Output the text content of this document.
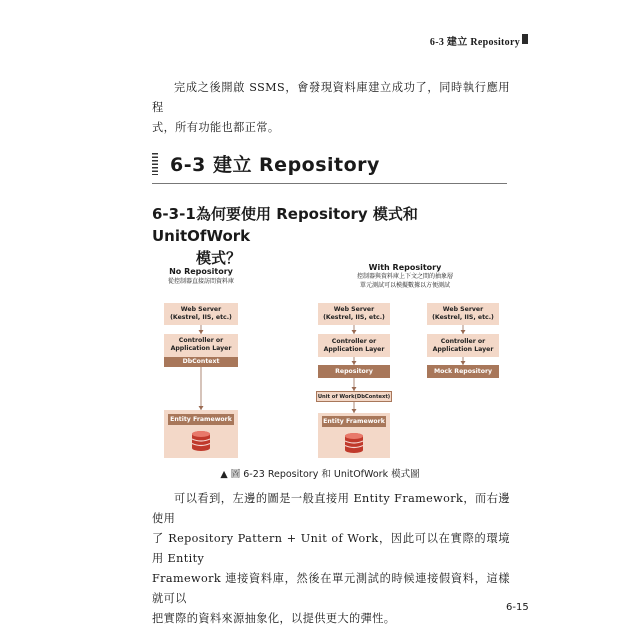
6-3 建立 Repository

完成之後開啟 SSMS，會發現資料庫建立成功了，同時執行應用程

式，所有功能也都正常。
6-3 建立 Repository
6-3-1為何要使用 Repository 模式和 UnitOfWork
模式？
No Repository
從控制器直接訪問資料庫
Web Server
(Kestrel, IIS, etc.)
Controller or
Application Layer
DbContext
Entity Framework
With Repository
控制器與資料庫上下文之間的抽象層
單元測試可以模擬數據以方便測試
Web Server
(Kestrel, IIS, etc.)
Controller or
Application Layer
Repository
Unit of Work(DbContext)
Entity Framework
Web Server
(Kestrel, IIS, etc.)
Controller or
Application Layer
Mock Repository
▲ 圖 6-23 Repository 和 UnitOfWork 模式圖

可以看到，左邊的圖是一般直接用 Entity Framework，而右邊使用

了 Repository Pattern + Unit of Work，因此可以在實際的環境用 Entity
Framework 連接資料庫，然後在單元測試的時候連接假資料，這樣就可以
把實際的資料來源抽象化，以提供更大的彈性。
6-15
